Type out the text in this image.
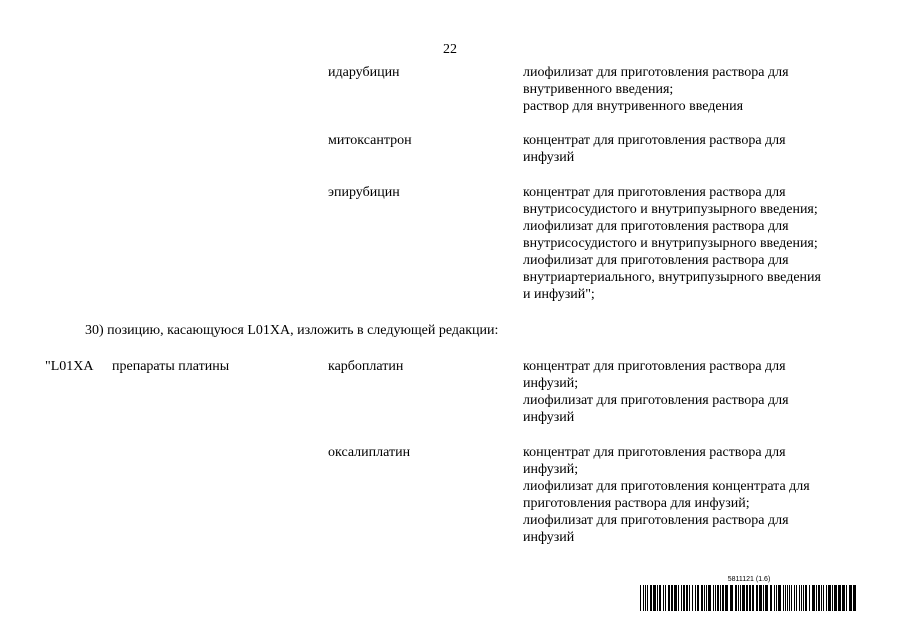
22
идарубицин	лиофилизат для приготовления раствора для
внутривенного введения;
раствор для внутривенного введения
митоксантрон	концентрат для приготовления раствора для
инфузий
эпирубицин	концентрат для приготовления раствора для
внутрисосудистого и внутрипузырного введения;
лиофилизат для приготовления раствора для
внутрисосудистого и внутрипузырного введения;
лиофилизат для приготовления раствора для
внутриартериального, внутрипузырного введения
и инфузий";
30) позицию, касающуюся L01XA, изложить в следующей редакции:
"L01XA препараты платины	карбоплатин	концентрат для приготовления раствора для
инфузий;
лиофилизат для приготовления раствора для
инфузий
оксалиплатин	концентрат для приготовления раствора для
инфузий;
лиофилизат для приготовления концентрата для
приготовления раствора для инфузий;
лиофилизат для приготовления раствора для
инфузий
5811121 (1.6)
